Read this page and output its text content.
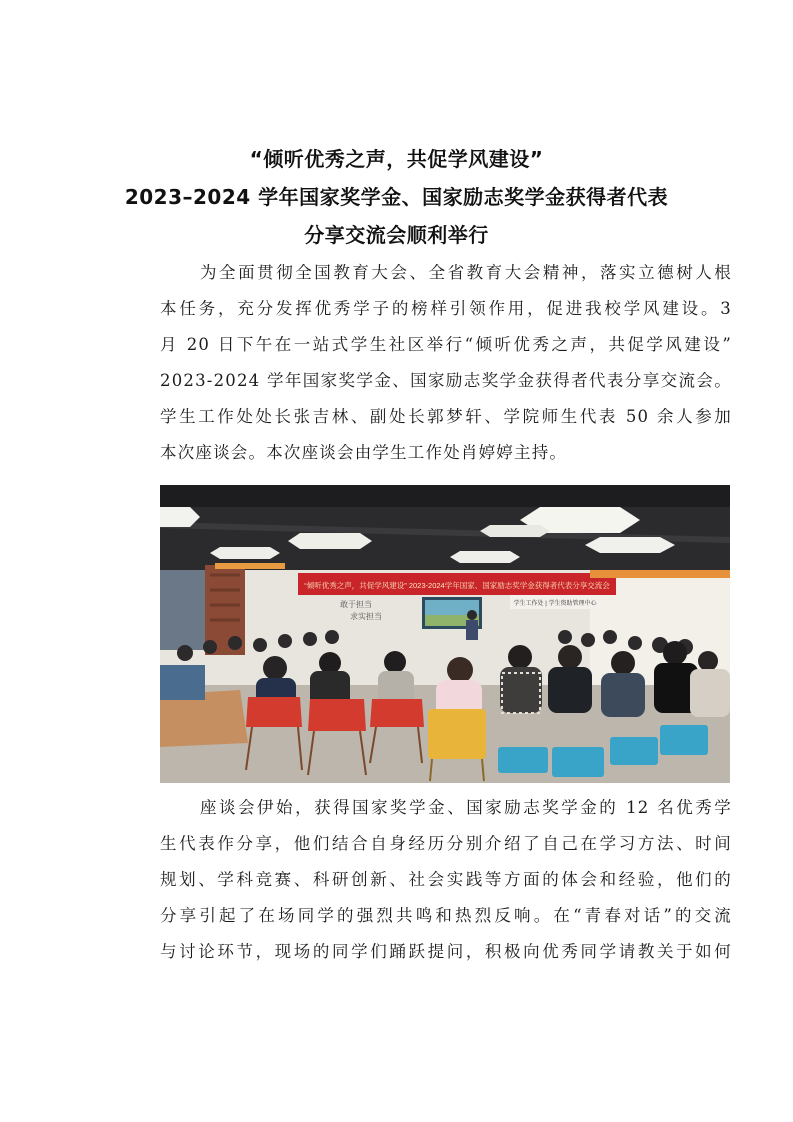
“倾听优秀之声，共促学风建设”
2023–2024 学年国家奖学金、国家励志奖学金获得者代表
分享交流会顺利举行
为全面贯彻全国教育大会、全省教育大会精神，落实立德树人根
本任务，充分发挥优秀学子的榜样引领作用，促进我校学风建设。3
月 20 日下午在一站式学生社区举行“倾听优秀之声，共促学风建设”
2023-2024 学年国家奖学金、国家励志奖学金获得者代表分享交流会。
学生工作处处长张吉林、副处长郭梦轩、学院师生代表 50 余人参加
本次座谈会。本次座谈会由学生工作处肖婷婷主持。
“倾听优秀之声，共促学风建设” 2023-2024学年国家、国家励志奖学金获得者代表分享交流会
学生工作处 | 学生资助管理中心
敢于担当
求实担当
座谈会伊始，获得国家奖学金、国家励志奖学金的 12 名优秀学
生代表作分享，他们结合自身经历分别介绍了自己在学习方法、时间
规划、学科竞赛、科研创新、社会实践等方面的体会和经验，他们的
分享引起了在场同学的强烈共鸣和热烈反响。在“青春对话”的交流
与讨论环节，现场的同学们踊跃提问，积极向优秀同学请教关于如何
